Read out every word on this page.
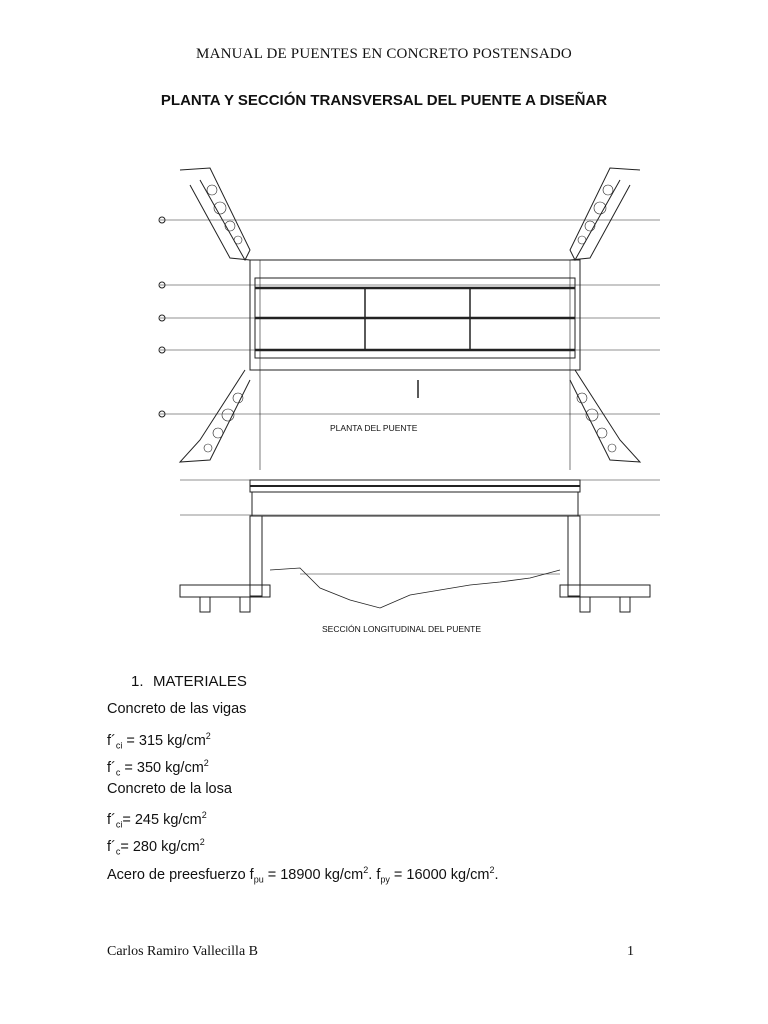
MANUAL DE PUENTES EN CONCRETO POSTENSADO
PLANTA Y SECCIÓN TRANSVERSAL DEL PUENTE A DISEÑAR
PLANTA DEL PUENTE
SECCIÓN LONGITUDINAL DEL PUENTE
1. MATERIALES
Concreto de las vigas
$f´_{ci} = 315$ $kg/cm^2$
$f´_c = 350$ $kg/cm^2$
Concreto de la losa
$f´_{ci}= 245$ $kg/cm^2$
$f´_c= 280$ $kg/cm^2$
Acero de preesfuerzo $f_{pu} = 18900$ $kg/cm^2$. $f_{py} = 16000$ $kg/cm^2$.
Carlos Ramiro Vallecilla B	1
